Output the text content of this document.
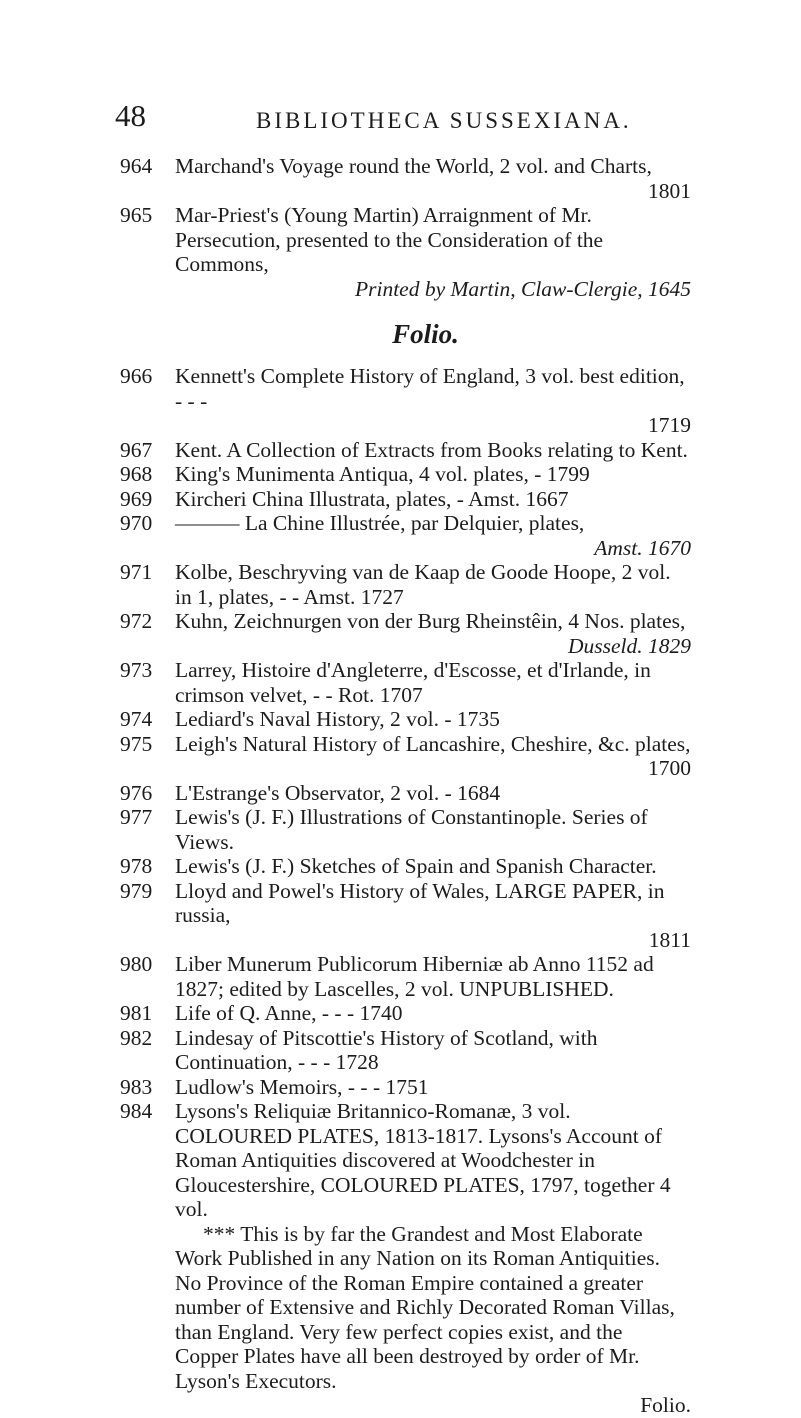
48	BIBLIOTHECA SUSSEXIANA.
964 Marchand's Voyage round the World, 2 vol. and Charts,
1801
965 Mar-Priest's (Young Martin) Arraignment of Mr. Persecution, presented to the Consideration of the Commons,
Printed by Martin, Claw-Clergie, 1645
Folio.
966 Kennett's Complete History of England, 3 vol. best edition, - - -
1719
967 Kent. A Collection of Extracts from Books relating to Kent.
968 King's Munimenta Antiqua, 4 vol. plates, - 1799
969 Kircheri China Illustrata, plates, - Amst. 1667
970 ——— La Chine Illustrée, par Delquier, plates,
Amst. 1670
971 Kolbe, Beschryving van de Kaap de Goode Hoope, 2 vol. in 1, plates, - - Amst. 1727
972 Kuhn, Zeichnurgen von der Burg Rheinstêin, 4 Nos. plates,
Dusseld. 1829
973 Larrey, Histoire d'Angleterre, d'Escosse, et d'Irlande, in crimson velvet, - - Rot. 1707
974 Lediard's Naval History, 2 vol. - 1735
975 Leigh's Natural History of Lancashire, Cheshire, &c. plates,
1700
976 L'Estrange's Observator, 2 vol. - 1684
977 Lewis's (J. F.) Illustrations of Constantinople. Series of Views.
978 Lewis's (J. F.) Sketches of Spain and Spanish Character.
979 Lloyd and Powel's History of Wales, LARGE PAPER, in russia,
1811
980 Liber Munerum Publicorum Hiberniæ ab Anno 1152 ad 1827; edited by Lascelles, 2 vol. UNPUBLISHED.
981 Life of Q. Anne, - - - 1740
982 Lindesay of Pitscottie's History of Scotland, with Continuation, - - - 1728
983 Ludlow's Memoirs, - - - 1751
984 Lysons's Reliquiæ Britannico-Romanæ, 3 vol. COLOURED PLATES, 1813-1817. Lysons's Account of Roman Antiquities discovered at Woodchester in Gloucestershire, COLOURED PLATES, 1797, together 4 vol.
*** This is by far the Grandest and Most Elaborate Work Published in any Nation on its Roman Antiquities. No Province of the Roman Empire contained a greater number of Extensive and Richly Decorated Roman Villas, than England. Very few perfect copies exist, and the Copper Plates have all been destroyed by order of Mr. Lyson's Executors.
Folio.
